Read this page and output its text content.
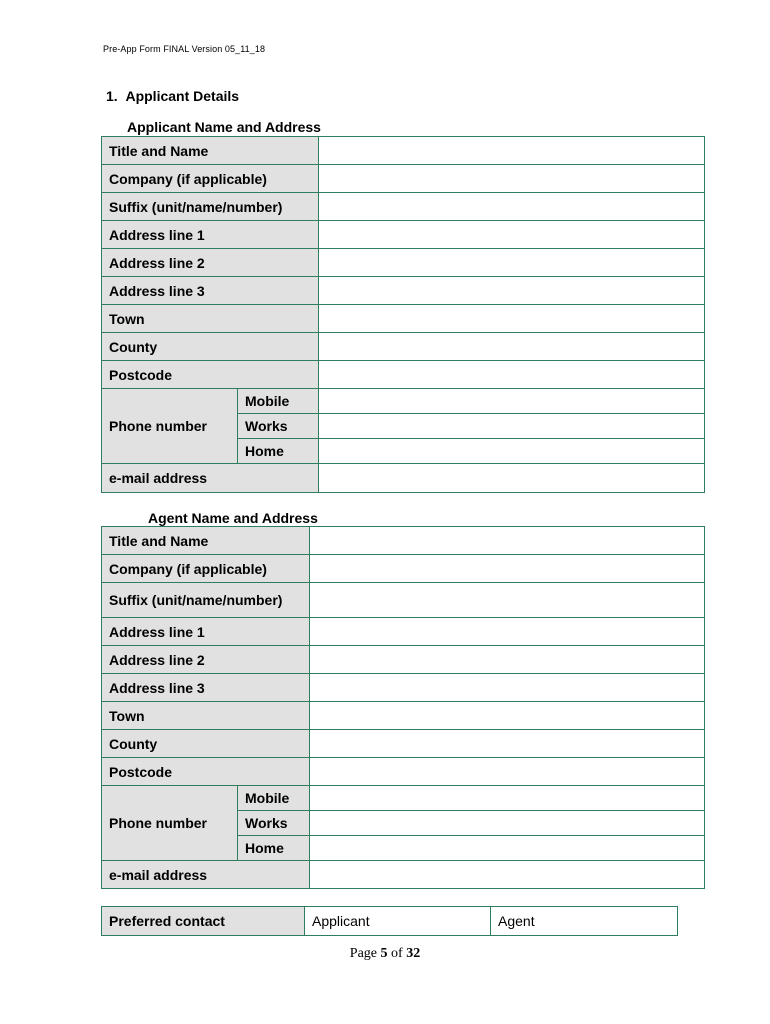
Pre-App Form FINAL Version 05_11_18
1. Applicant Details
Applicant Name and Address
Title and Name		
Company (if applicable)		
Suffix (unit/name/number)		
Address line 1		
Address line 2		
Address line 3		
Town		
County		
Postcode		
Phone number	Mobile	
	Works	
	Home	
e-mail address		
Agent Name and Address
Title and Name		
Company (if applicable)		
Suffix (unit/name/number)		
Address line 1		
Address line 2		
Address line 3		
Town		
County		
Postcode		
Phone number	Mobile	
	Works	
	Home	
e-mail address		
Preferred contact	Applicant	Agent
Page 5 of 32
